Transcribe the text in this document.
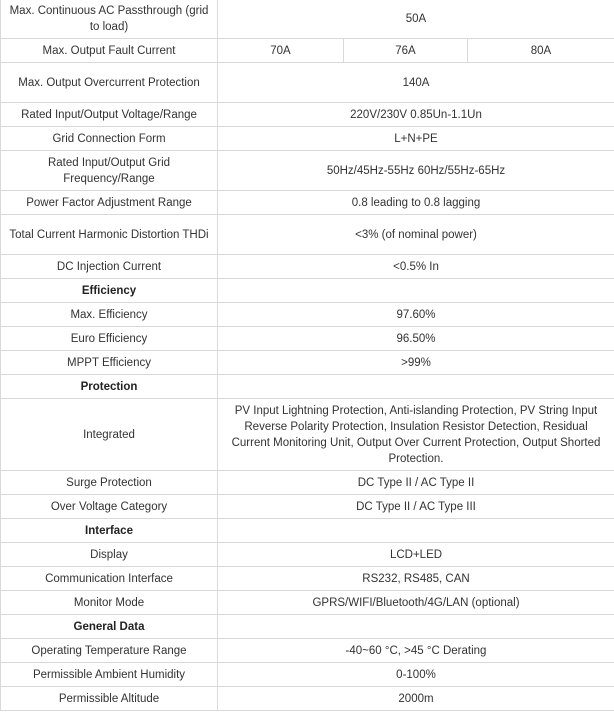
Max. Continuous AC Passthrough (grid to load)	50A		
Max. Output Fault Current	70A	76A	80A
Max. Output Overcurrent Protection	140A		
Rated Input/Output Voltage/Range	220V/230V 0.85Un-1.1Un		
Grid Connection Form	L+N+PE		
Rated Input/Output Grid Frequency/Range	50Hz/45Hz-55Hz 60Hz/55Hz-65Hz		
Power Factor Adjustment Range	0.8 leading to 0.8 lagging		
Total Current Harmonic Distortion THDi	<3% (of nominal power)		
DC Injection Current	<0.5% In		
Efficiency			
Max. Efficiency	97.60%		
Euro Efficiency	96.50%		
MPPT Efficiency	>99%		
Protection			
Integrated	PV Input Lightning Protection, Anti-islanding Protection, PV String Input Reverse Polarity Protection, Insulation Resistor Detection, Residual Current Monitoring Unit, Output Over Current Protection, Output Shorted Protection.		
Surge Protection	DC Type II / AC Type II		
Over Voltage Category	DC Type II / AC Type III		
Interface			
Display	LCD+LED		
Communication Interface	RS232, RS485, CAN		
Monitor Mode	GPRS/WIFI/Bluetooth/4G/LAN (optional)		
General Data			
Operating Temperature Range	-40~60 °C, >45 °C Derating		
Permissible Ambient Humidity	0-100%		
Permissible Altitude	2000m		
